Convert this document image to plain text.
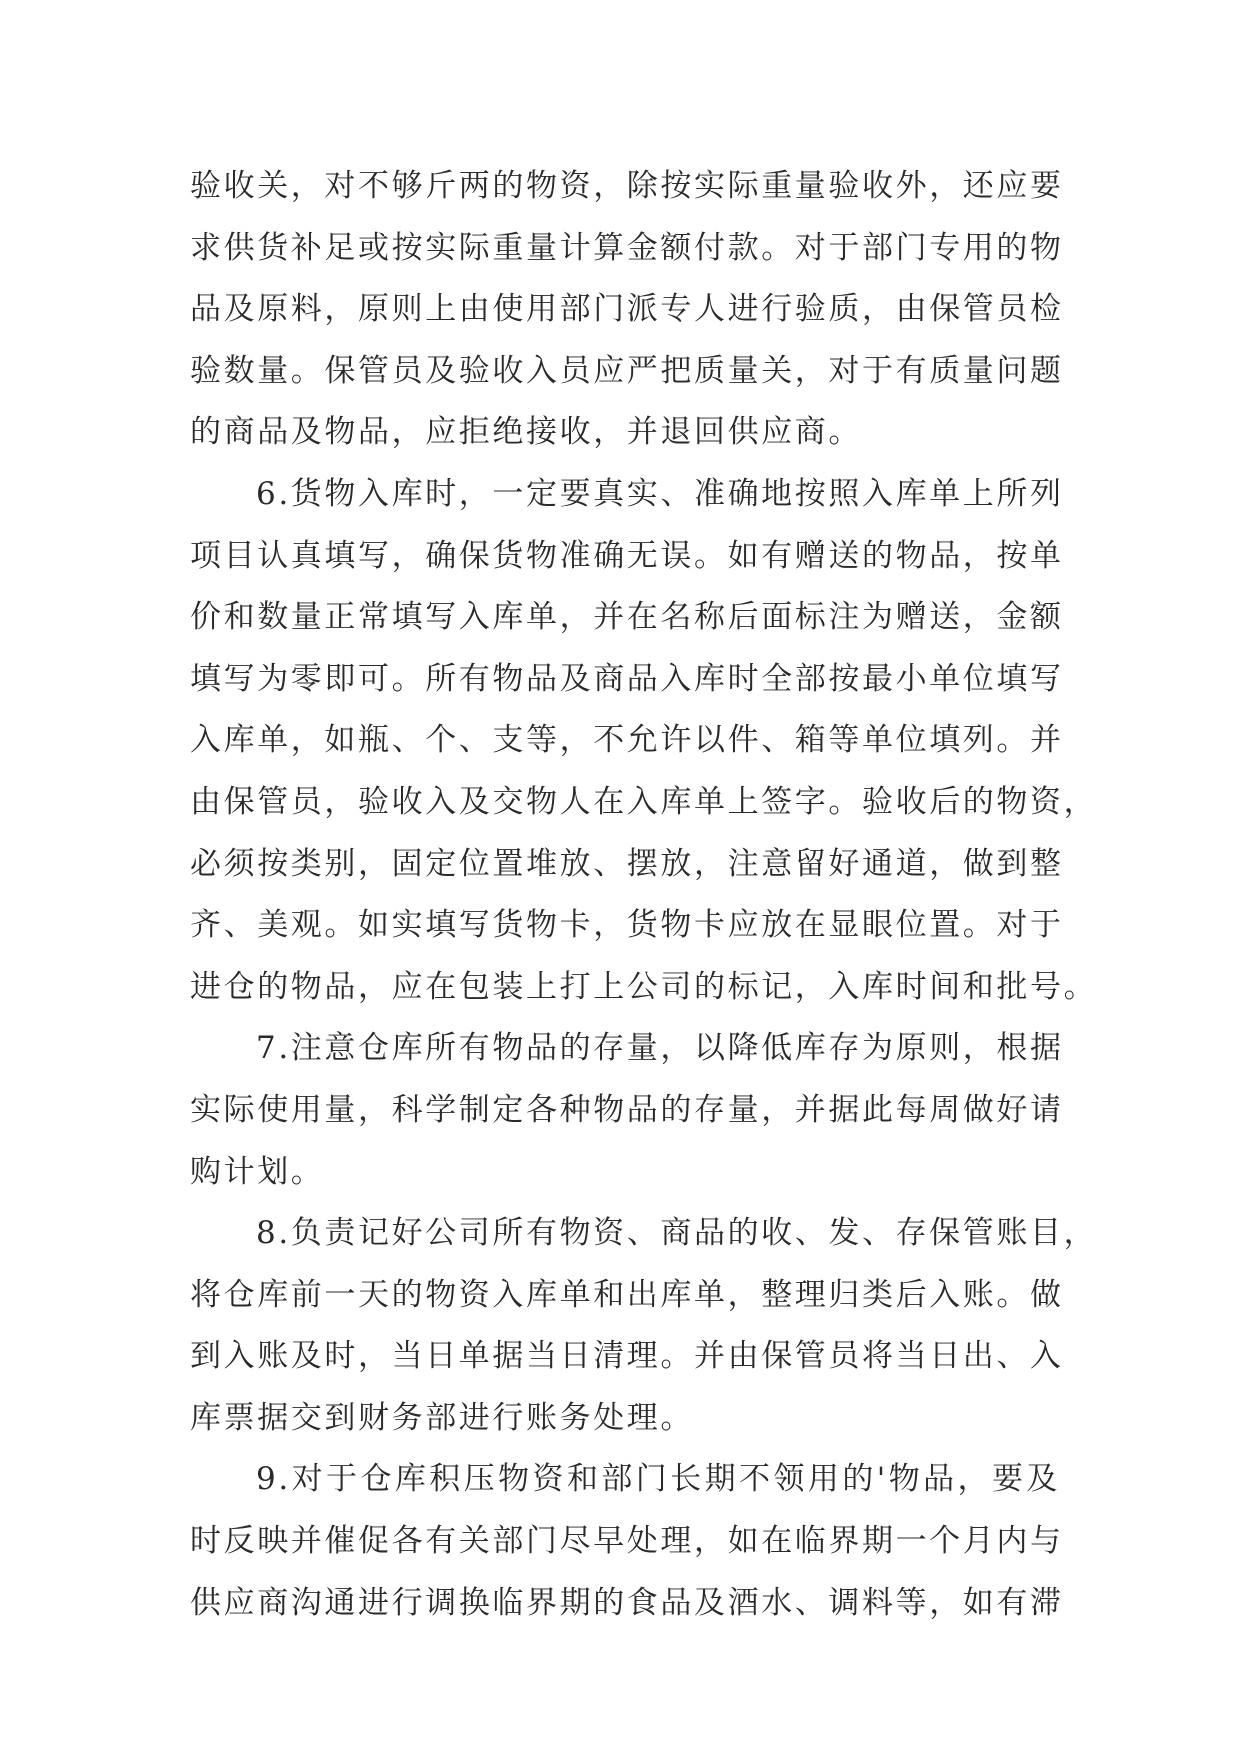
验收关，对不够斤两的物资，除按实际重量验收外，还应要
求供货补足或按实际重量计算金额付款。对于部门专用的物
品及原料，原则上由使用部门派专人进行验质，由保管员检
验数量。保管员及验收入员应严把质量关，对于有质量问题
的商品及物品，应拒绝接收，并退回供应商。
6.货物入库时，一定要真实、准确地按照入库单上所列
项目认真填写，确保货物准确无误。如有赠送的物品，按单
价和数量正常填写入库单，并在名称后面标注为赠送，金额
填写为零即可。所有物品及商品入库时全部按最小单位填写
入库单，如瓶、个、支等，不允许以件、箱等单位填列。并
由保管员，验收入及交物人在入库单上签字。验收后的物资，
必须按类别，固定位置堆放、摆放，注意留好通道，做到整
齐、美观。如实填写货物卡，货物卡应放在显眼位置。对于
进仓的物品，应在包装上打上公司的标记，入库时间和批号。
7.注意仓库所有物品的存量，以降低库存为原则，根据
实际使用量，科学制定各种物品的存量，并据此每周做好请
购计划。
8.负责记好公司所有物资、商品的收、发、存保管账目，
将仓库前一天的物资入库单和出库单，整理归类后入账。做
到入账及时，当日单据当日清理。并由保管员将当日出、入
库票据交到财务部进行账务处理。
9.对于仓库积压物资和部门长期不领用的'物品，要及
时反映并催促各有关部门尽早处理，如在临界期一个月内与
供应商沟通进行调换临界期的食品及酒水、调料等，如有滞
